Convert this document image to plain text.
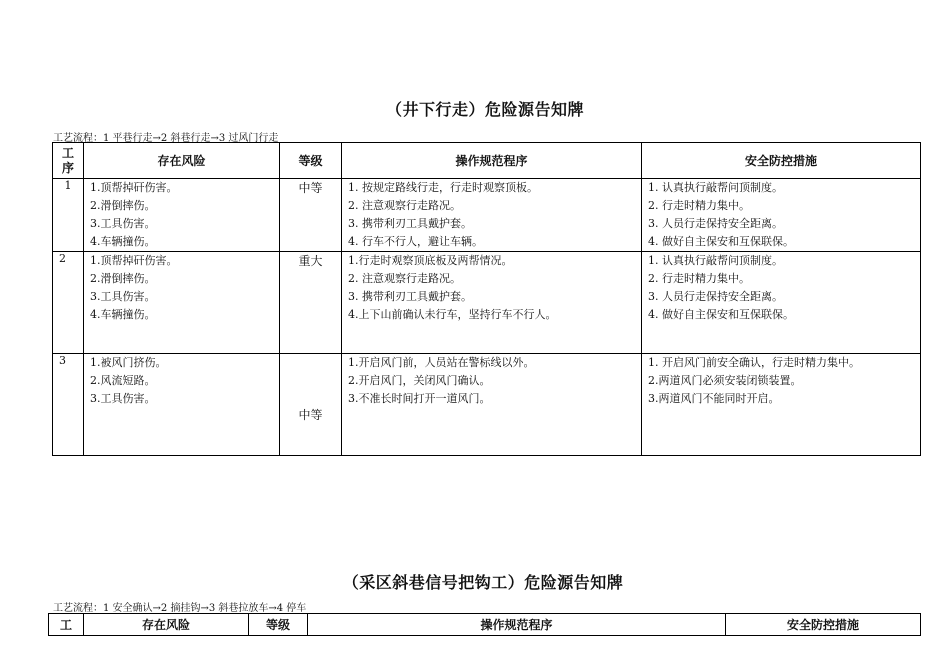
（井下行走）危险源告知牌
工艺流程：1 平巷行走→2 斜巷行走→3 过风门行走
工
序	存在风险	等级	操作规范程序	安全防控措施
1	1.顶帮掉矸伤害。
2.滑倒摔伤。
3.工具伤害。
4.车辆撞伤。	中等	1. 按规定路线行走，行走时观察顶板。
2. 注意观察行走路况。
3. 携带利刃工具戴护套。
4. 行车不行人，避让车辆。	1. 认真执行敲帮问顶制度。
2. 行走时精力集中。
3. 人员行走保持安全距离。
4. 做好自主保安和互保联保。

2	1.顶帮掉矸伤害。
2.滑倒摔伤。
3.工具伤害。
4.车辆撞伤。	重大	1.行走时观察顶底板及两帮情况。
2. 注意观察行走路况。
3. 携带利刃工具戴护套。
4.上下山前确认未行车，坚持行车不行人。	1. 认真执行敲帮问顶制度。
2. 行走时精力集中。
3. 人员行走保持安全距离。
4. 做好自主保安和互保联保。

3	1.被风门挤伤。
2.风流短路。
3.工具伤害。	中等	1.开启风门前，人员站在警标线以外。
2.开启风门，关闭风门确认。
3.不准长时间打开一道风门。	1. 开启风门前安全确认，行走时精力集中。
2.两道风门必须安装闭锁装置。
3.两道风门不能同时开启。
（采区斜巷信号把钩工）危险源告知牌
工艺流程：1 安全确认→2 摘挂钩→3 斜巷拉放车→4 停车
工	存在风险	等级	操作规范程序	安全防控措施
